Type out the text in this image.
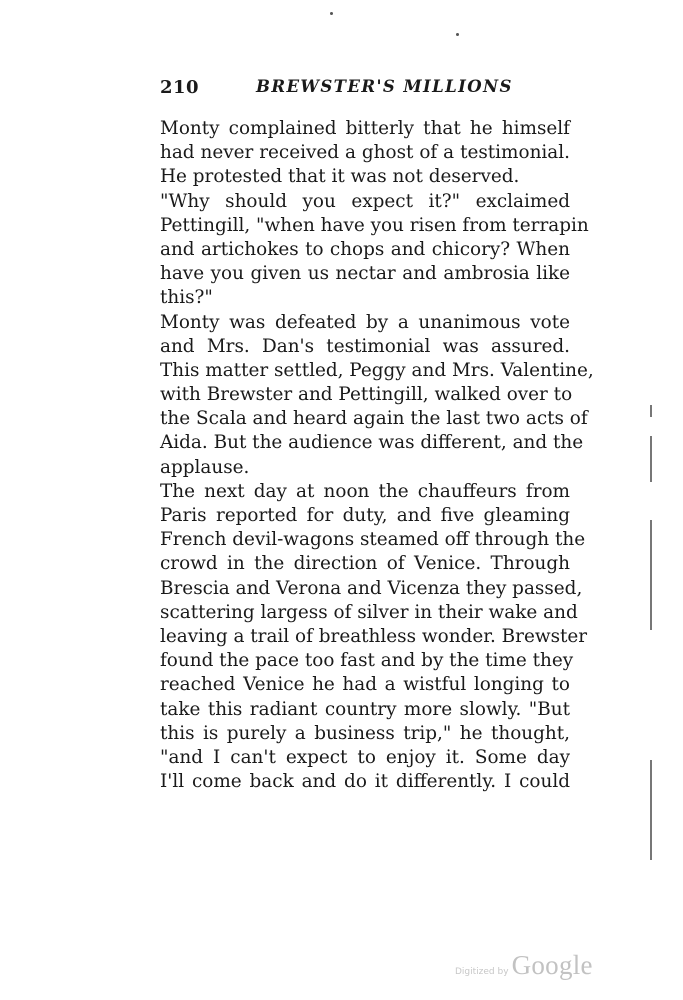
210	BREWSTER'S MILLIONS
Monty complained bitterly that he himself
had never received a ghost of a testimonial.
He protested that it was not deserved.
"Why should you expect it?" exclaimed
Pettingill, "when have you risen from terrapin
and artichokes to chops and chicory? When
have you given us nectar and ambrosia like
this?"
Monty was defeated by a unanimous vote
and Mrs. Dan's testimonial was assured.
This matter settled, Peggy and Mrs. Valentine,
with Brewster and Pettingill, walked over to
the Scala and heard again the last two acts of
Aida. But the audience was different, and the
applause.
The next day at noon the chauffeurs from
Paris reported for duty, and five gleaming
French devil-wagons steamed off through the
crowd in the direction of Venice. Through
Brescia and Verona and Vicenza they passed,
scattering largess of silver in their wake and
leaving a trail of breathless wonder. Brewster
found the pace too fast and by the time they
reached Venice he had a wistful longing to
take this radiant country more slowly. "But
this is purely a business trip," he thought,
"and I can't expect to enjoy it. Some day
I'll come back and do it differently. I could
Digitized by Google
